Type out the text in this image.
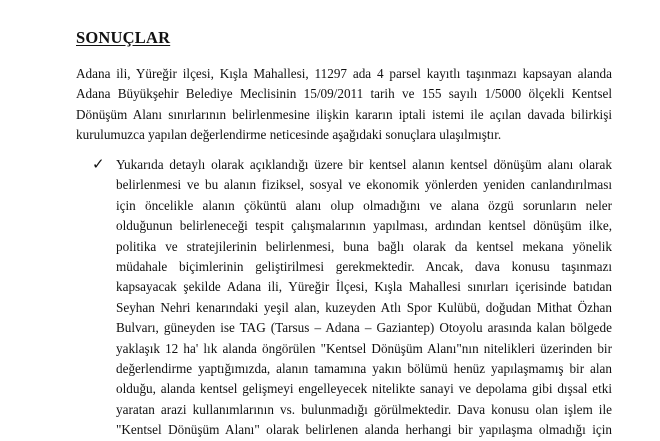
SONUÇLAR
Adana ili, Yüreğir ilçesi, Kışla Mahallesi, 11297 ada 4 parsel kayıtlı taşınmazı kapsayan alanda
Adana Büyükşehir Belediye Meclisinin 15/09/2011 tarih ve 155 sayılı 1/5000 ölçekli Kentsel
Dönüşüm Alanı sınırlarının belirlenmesine ilişkin kararın iptali istemi ile açılan davada bilirkişi
kurulumuzca yapılan değerlendirme neticesinde aşağıdaki sonuçlara ulaşılmıştır.
✓ Yukarıda detaylı olarak açıklandığı üzere bir kentsel alanın kentsel dönüşüm alanı olarak
belirlenmesi ve bu alanın fiziksel, sosyal ve ekonomik yönlerden yeniden canlandırılması
için öncelikle alanın çöküntü alanı olup olmadığını ve alana özgü sorunların neler
olduğunun belirleneceği tespit çalışmalarının yapılması, ardından kentsel dönüşüm ilke,
politika ve stratejilerinin belirlenmesi, buna bağlı olarak da kentsel mekana yönelik
müdahale biçimlerinin geliştirilmesi gerekmektedir. Ancak, dava konusu taşınmazı
kapsayacak şekilde Adana ili, Yüreğir İlçesi, Kışla Mahallesi sınırları içerisinde batıdan
Seyhan Nehri kenarındaki yeşil alan, kuzeyden Atlı Spor Kulübü, doğudan Mithat Özhan
Bulvarı, güneyden ise TAG (Tarsus – Adana – Gaziantep) Otoyolu arasında kalan bölgede
yaklaşık 12 ha' lık alanda öngörülen "Kentsel Dönüşüm Alanı"nın nitelikleri üzerinden bir
değerlendirme yaptığımızda, alanın tamamına yakın bölümü henüz yapılaşmamış bir alan
olduğu, alanda kentsel gelişmeyi engelleyecek nitelikte sanayi ve depolama gibi dışsal etki
yaratan arazi kullanımlarının vs. bulunmadığı görülmektedir. Dava konusu olan işlem ile
"Kentsel Dönüşüm Alanı" olarak belirlenen alanda herhangi bir yapılaşma olmadığı için
